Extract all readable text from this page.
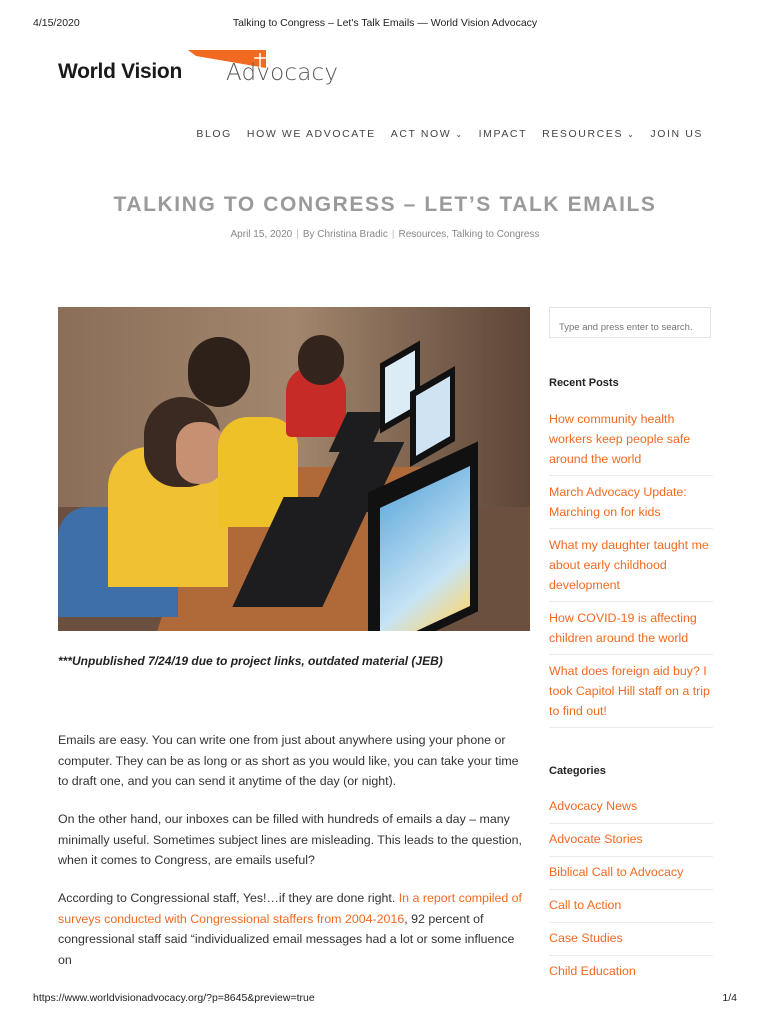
4/15/2020	Talking to Congress – Let's Talk Emails — World Vision Advocacy
World Vision Advocacy
BLOG HOW WE ADVOCATE ACT NOW ⌄ IMPACT RESOURCES ⌄ JOIN US
TALKING TO CONGRESS – LET’S TALK EMAILS
April 15, 2020 | By Christina Bradic | Resources, Talking to Congress
***Unpublished 7/24/19 due to project links, outdated material (JEB)

Emails are easy. You can write one from just about anywhere using your phone or computer. They can be as long or as short as you would like, you can take your time to draft one, and you can send it anytime of the day (or night).

On the other hand, our inboxes can be filled with hundreds of emails a day – many minimally useful. Sometimes subject lines are misleading. This leads to the question, when it comes to Congress, are emails useful?

According to Congressional staff, Yes!…if they are done right. In a report compiled of surveys conducted with Congressional staffers from 2004-2016, 92 percent of congressional staff said “individualized email messages had a lot or some influence on

Type and press enter to search.
Recent Posts
How community health workers keep people safe around the world
March Advocacy Update: Marching on for kids
What my daughter taught me about early childhood development
How COVID-19 is affecting children around the world
What does foreign aid buy? I took Capitol Hill staff on a trip to find out!
Categories
Advocacy News
Advocate Stories
Biblical Call to Advocacy
Call to Action
Case Studies
Child Education
https://www.worldvisionadvocacy.org/?p=8645&preview=true	1/4
